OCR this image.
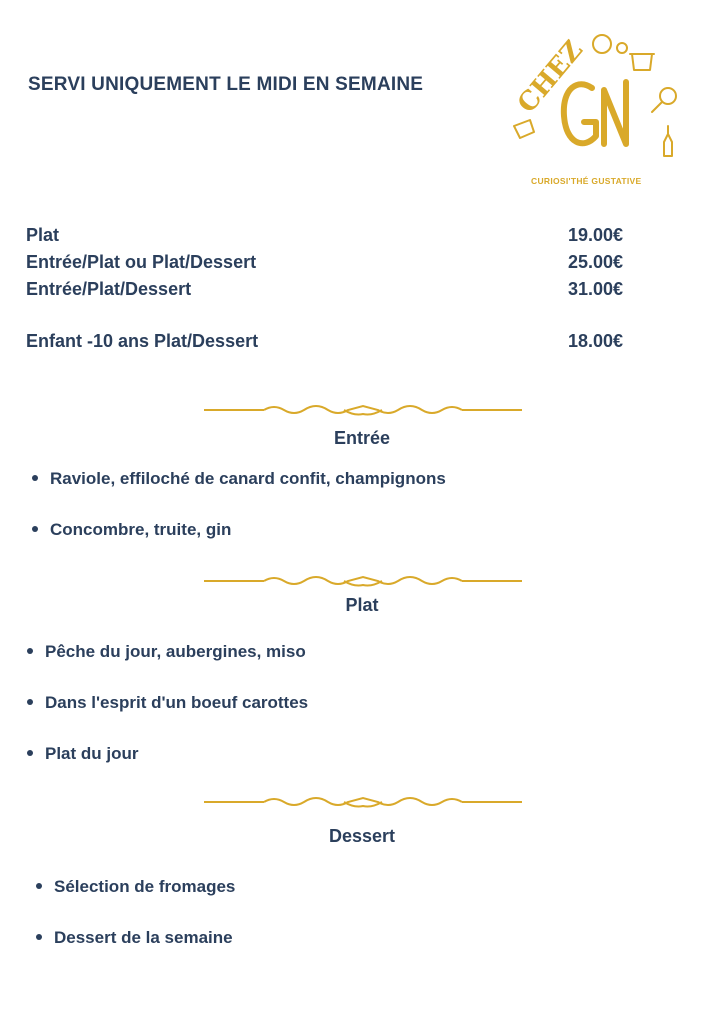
SERVI UNIQUEMENT LE MIDI EN SEMAINE	CHEZ
CURIOSI'THÉ GUSTATIVE
Plat	19.00€
Entrée/Plat ou Plat/Dessert	25.00€
Entrée/Plat/Dessert	31.00€
Enfant -10 ans Plat/Dessert	18.00€
Entrée
Raviole, effiloché de canard confit, champignons
Concombre, truite, gin
Plat
Pêche du jour, aubergines, miso
Dans l'esprit d'un boeuf carottes
Plat du jour
Dessert
Sélection de fromages
Dessert de la semaine
